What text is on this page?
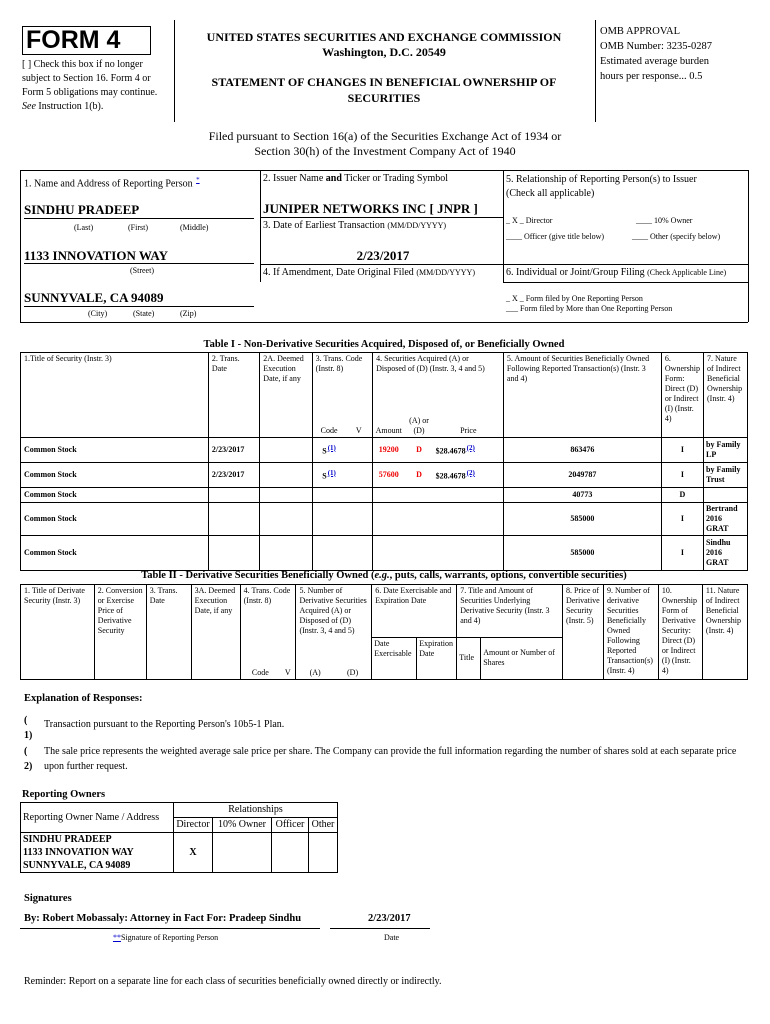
FORM 4
[ ] Check this box if no longer subject to Section 16. Form 4 or Form 5 obligations may continue. See Instruction 1(b).
UNITED STATES SECURITIES AND EXCHANGE COMMISSION
Washington, D.C. 20549
STATEMENT OF CHANGES IN BENEFICIAL OWNERSHIP OF SECURITIES
OMB APPROVAL
OMB Number: 3235-0287
Estimated average burden
hours per response... 0.5
Filed pursuant to Section 16(a) of the Securities Exchange Act of 1934 or
Section 30(h) of the Investment Company Act of 1940
1. Name and Address of Reporting Person *
SINDHU PRADEEP
(Last)	(First)	(Middle)
1133 INNOVATION WAY
(Street)
SUNNYVALE, CA 94089
(City)	(State)	(Zip)
2. Issuer Name and Ticker or Trading Symbol
JUNIPER NETWORKS INC [ JNPR ]
3. Date of Earliest Transaction (MM/DD/YYYY)
2/23/2017
4. If Amendment, Date Original Filed (MM/DD/YYYY)
5. Relationship of Reporting Person(s) to Issuer
(Check all applicable)
_ X _ Director	____ 10% Owner
____ Officer (give title below)	____ Other (specify below)
6. Individual or Joint/Group Filing (Check Applicable Line)
_ X _ Form filed by One Reporting Person
___ Form filed by More than One Reporting Person
Table I - Non-Derivative Securities Acquired, Disposed of, or Beneficially Owned
1.Title of Security (Instr. 3)	2. Trans. Date	2A. Deemed Execution Date, if any	3. Trans. Code (Instr. 8)		4. Securities Acquired (A) or Disposed of (D) (Instr. 3, 4 and 5)			5. Amount of Securities Beneficially Owned Following Reported Transaction(s) (Instr. 3 and 4)	6. Ownership Form: Direct (D) or Indirect (I) (Instr. 4)	7. Nature of Indirect Beneficial Ownership (Instr. 4)
			Code	V	Amount	(A) or (D)	Price			
Common Stock	2/23/2017		S(1)		19200	D	$28.4678(2)	863476	I	by Family LP
Common Stock	2/23/2017		S(1)		57600	D	$28.4678(2)	2049787	I	by Family Trust
Common Stock								40773	D	
Common Stock								585000	I	Bertrand 2016 GRAT
Common Stock								585000	I	Sindhu 2016 GRAT
Table II - Derivative Securities Beneficially Owned (e.g., puts, calls, warrants, options, convertible securities)
1. Title of Derivate Security (Instr. 3)	2. Conversion or Exercise Price of Derivative Security	3. Trans. Date	3A. Deemed Execution Date, if any	4. Trans. Code (Instr. 8)		5. Number of Derivative Securities Acquired (A) or Disposed of (D) (Instr. 3, 4 and 5)		6. Date Exercisable and Expiration Date		7. Title and Amount of Securities Underlying Derivative Security (Instr. 3 and 4)		8. Price of Derivative Security (Instr. 5)	9. Number of derivative Securities Beneficially Owned Following Reported Transaction(s) (Instr. 4)	10. Ownership Form of Derivative Security: Direct (D) or Indirect (I) (Instr. 4)	11. Nature of Indirect Beneficial Ownership (Instr. 4)
				Code	V	(A)	(D)	Date Exercisable	Expiration Date	Title	Amount or Number of Shares				
Explanation of Responses:
( 1)
Transaction pursuant to the Reporting Person's 10b5-1 Plan.
( 2)
The sale price represents the weighted average sale price per share. The Company can provide the full information regarding the number of shares sold at each separate price upon further request.
Reporting Owners
Reporting Owner Name / Address	Relationships			
	Director	10% Owner	Officer	Other

SINDHU PRADEEP
1133 INNOVATION WAY
SUNNYVALE, CA 94089	X			
Signatures
By: Robert Mobassaly: Attorney in Fact For: Pradeep Sindhu	2/23/2017
**Signature of Reporting Person	Date
Reminder: Report on a separate line for each class of securities beneficially owned directly or indirectly.
